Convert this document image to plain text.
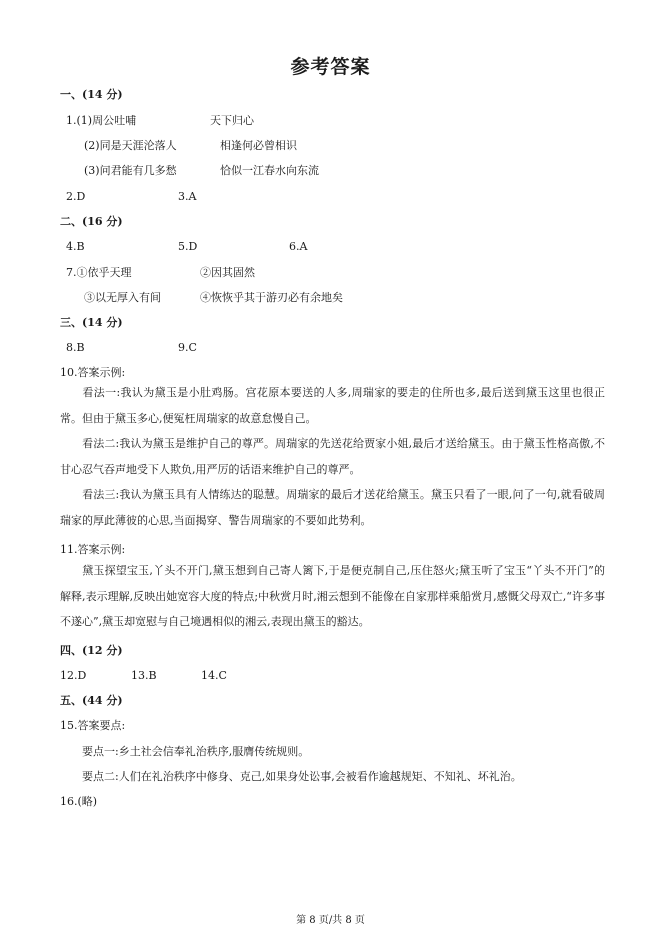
参考答案
一、(14 分)
1.(1)周公吐哺	天下归心
(2)同是天涯沦落人	相逢何必曾相识
(3)问君能有几多愁	恰似一江春水向东流
2.D	3.A
二、(16 分)
4.B	5.D	6.A
7.①依乎天理	②因其固然
③以无厚入有间	④恢恢乎其于游刃必有余地矣
三、(14 分)
8.B	9.C
10.答案示例:
看法一:我认为黛玉是小肚鸡肠。宫花原本要送的人多,周瑞家的要走的住所也多,最后送到黛玉这里也很正常。但由于黛玉多心,便冤枉周瑞家的故意怠慢自己。
看法二:我认为黛玉是维护自己的尊严。周瑞家的先送花给贾家小姐,最后才送给黛玉。由于黛玉性格高傲,不甘心忍气吞声地受下人欺负,用严厉的话语来维护自己的尊严。
看法三:我认为黛玉具有人情练达的聪慧。周瑞家的最后才送花给黛玉。黛玉只看了一眼,问了一句,就看破周瑞家的厚此薄彼的心思,当面揭穿、警告周瑞家的不要如此势利。
11.答案示例:
黛玉探望宝玉,丫头不开门,黛玉想到自己寄人篱下,于是便克制自己,压住怒火;黛玉听了宝玉“丫头不开门”的解释,表示理解,反映出她宽容大度的特点;中秋赏月时,湘云想到不能像在自家那样乘船赏月,感慨父母双亡,“许多事不遂心”,黛玉却宽慰与自己境遇相似的湘云,表现出黛玉的豁达。
四、(12 分)
12.D	13.B	14.C
五、(44 分)
15.答案要点:
要点一:乡土社会信奉礼治秩序,服膺传统规则。
要点二:人们在礼治秩序中修身、克己,如果身处讼事,会被看作逾越规矩、不知礼、坏礼治。
16.(略)
第 8 页/共 8 页
